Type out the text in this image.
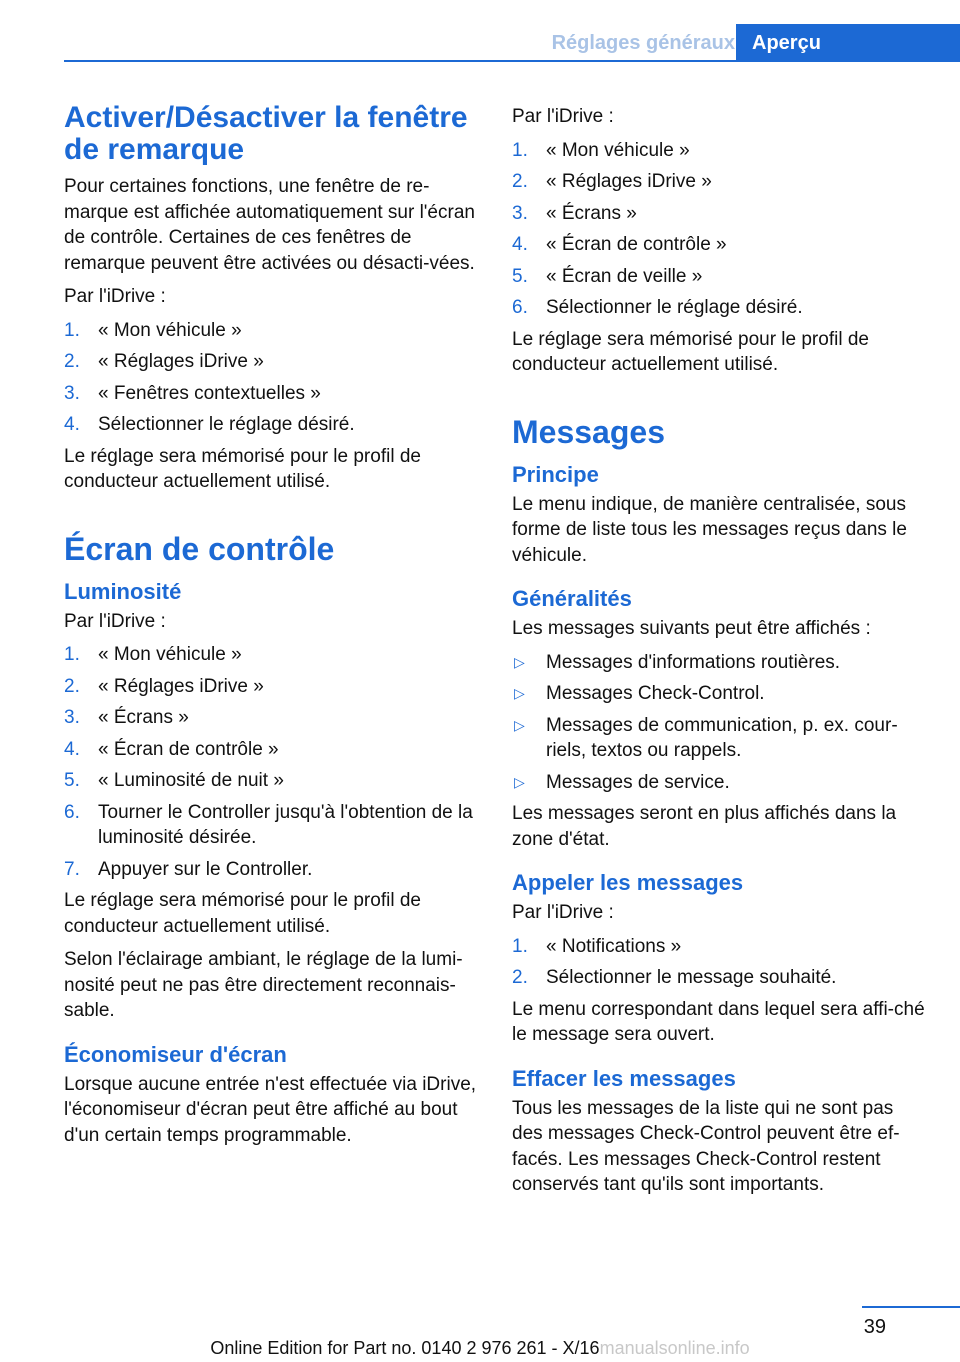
Réglages généraux Aperçu
Activer/Désactiver la fenêtre de remarque

Pour certaines fonctions, une fenêtre de re-marque est affichée automatiquement sur l'écran de contrôle. Certaines de ces fenêtres de remarque peuvent être activées ou désacti-vées.

Par l'iDrive :

1. « Mon véhicule »
2. « Réglages iDrive »
3. « Fenêtres contextuelles »
4. Sélectionner le réglage désiré.

Le réglage sera mémorisé pour le profil de conducteur actuellement utilisé.

Écran de contrôle
Luminosité

Par l'iDrive :

1. « Mon véhicule »
2. « Réglages iDrive »
3. « Écrans »
4. « Écran de contrôle »
5. « Luminosité de nuit »
6. Tourner le Controller jusqu'à l'obtention de la luminosité désirée.
7. Appuyer sur le Controller.

Le réglage sera mémorisé pour le profil de conducteur actuellement utilisé.

Selon l'éclairage ambiant, le réglage de la lumi-nosité peut ne pas être directement reconnais-sable.

Économiseur d'écran

Lorsque aucune entrée n'est effectuée via iDrive, l'économiseur d'écran peut être affiché au bout d'un certain temps programmable.

Par l'iDrive :

1. « Mon véhicule »
2. « Réglages iDrive »
3. « Écrans »
4. « Écran de contrôle »
5. « Écran de veille »
6. Sélectionner le réglage désiré.

Le réglage sera mémorisé pour le profil de conducteur actuellement utilisé.

Messages
Principe

Le menu indique, de manière centralisée, sous forme de liste tous les messages reçus dans le véhicule.

Généralités

Les messages suivants peut être affichés :

▷ Messages d'informations routières.
▷ Messages Check-Control.
▷ Messages de communication, p. ex. cour-riels, textos ou rappels.
▷ Messages de service.

Les messages seront en plus affichés dans la zone d'état.

Appeler les messages

Par l'iDrive :

1. « Notifications »
2. Sélectionner le message souhaité.

Le menu correspondant dans lequel sera affi-ché le message sera ouvert.

Effacer les messages

Tous les messages de la liste qui ne sont pas des messages Check-Control peuvent être ef-facés. Les messages Check-Control restent conservés tant qu'ils sont importants.

39
Online Edition for Part no. 0140 2 976 261 - X/16manualsonline.info
